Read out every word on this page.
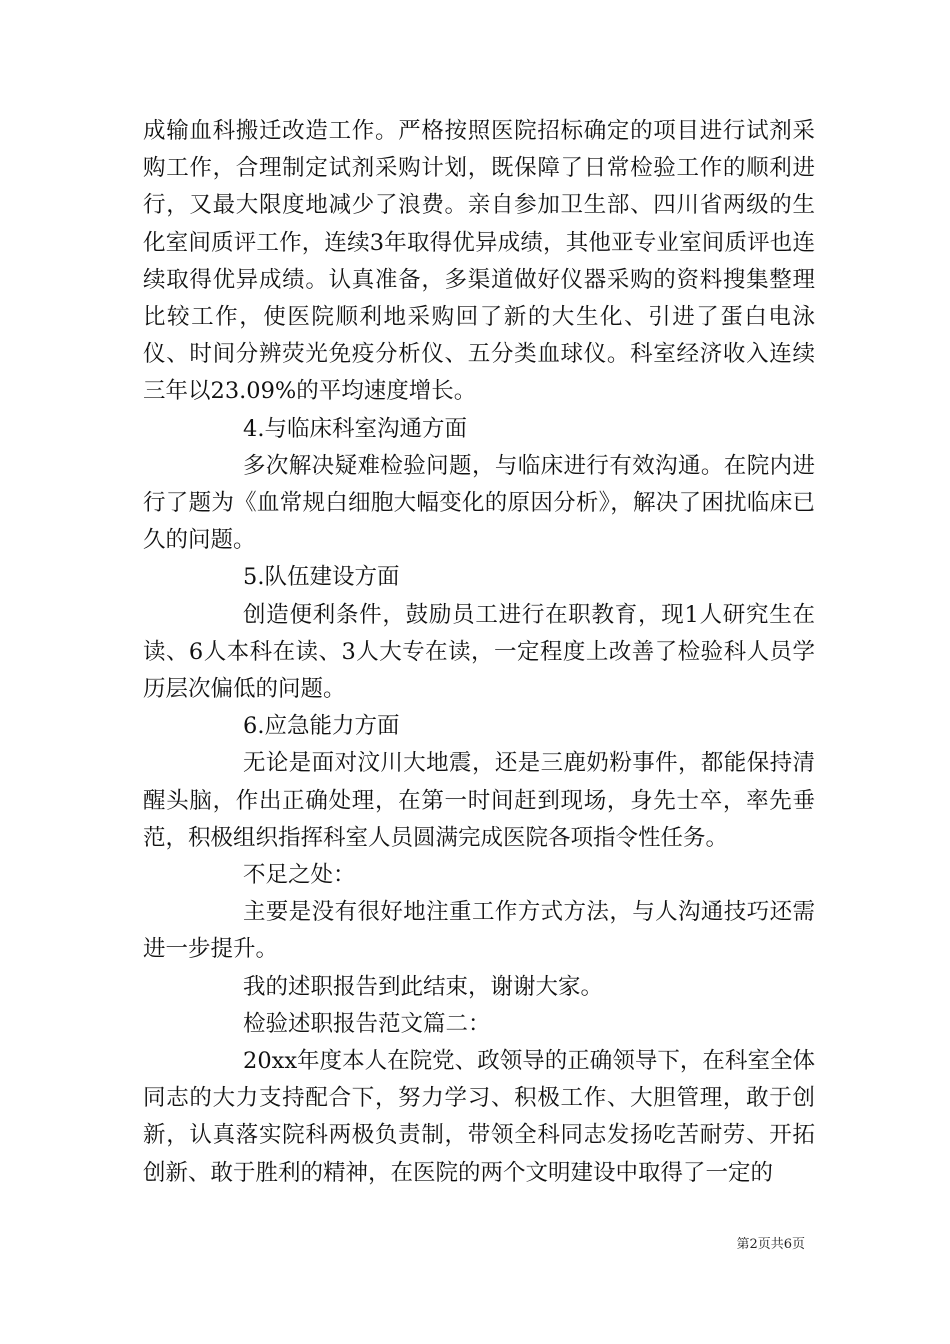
成输血科搬迁改造工作。严格按照医院招标确定的项目进行试剂采购工作，合理制定试剂采购计划，既保障了日常检验工作的顺利进行，又最大限度地减少了浪费。亲自参加卫生部、四川省两级的生化室间质评工作，连续3年取得优异成绩，其他亚专业室间质评也连续取得优异成绩。认真准备，多渠道做好仪器采购的资料搜集整理比较工作，使医院顺利地采购回了新的大生化、引进了蛋白电泳仪、时间分辨荧光免疫分析仪、五分类血球仪。科室经济收入连续三年以23.09%的平均速度增长。

4.与临床科室沟通方面

多次解决疑难检验问题，与临床进行有效沟通。在院内进行了题为《血常规白细胞大幅变化的原因分析》，解决了困扰临床已久的问题。

5.队伍建设方面

创造便利条件，鼓励员工进行在职教育，现1人研究生在读、6人本科在读、3人大专在读，一定程度上改善了检验科人员学历层次偏低的问题。

6.应急能力方面

无论是面对汶川大地震，还是三鹿奶粉事件，都能保持清醒头脑，作出正确处理，在第一时间赶到现场，身先士卒，率先垂范，积极组织指挥科室人员圆满完成医院各项指令性任务。

不足之处：

主要是没有很好地注重工作方式方法，与人沟通技巧还需进一步提升。

我的述职报告到此结束，谢谢大家。

检验述职报告范文篇二：

20xx年度本人在院党、政领导的正确领导下，在科室全体同志的大力支持配合下，努力学习、积极工作、大胆管理，敢于创新，认真落实院科两极负责制，带领全科同志发扬吃苦耐劳、开拓创新、敢于胜利的精神，在医院的两个文明建设中取得了一定的

第2页共6页
